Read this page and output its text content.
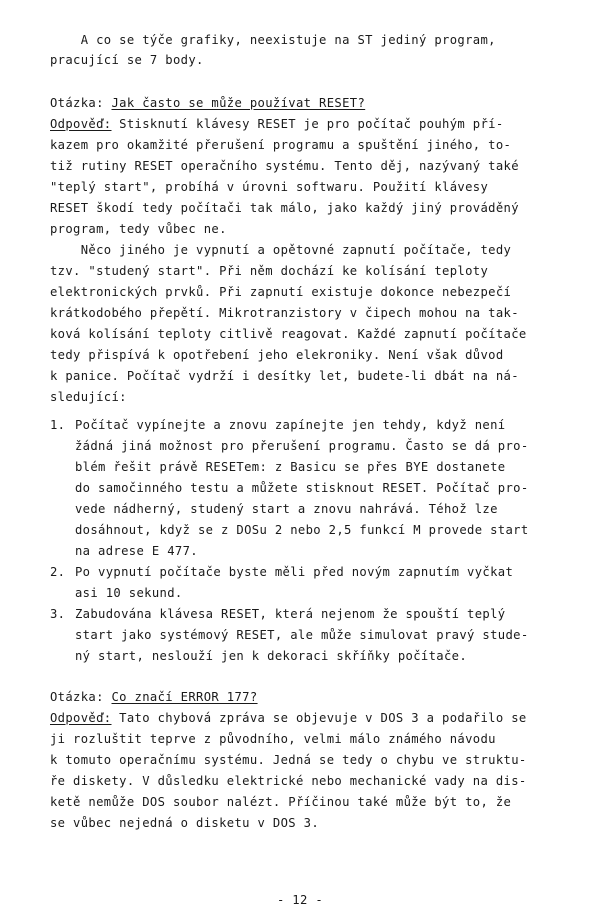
A co se týče grafiky, neexistuje na ST jediný program,
pracující se 7 body.
Otázka: Jak často se může používat RESET?
Odpověď: Stisknutí klávesy RESET je pro počítač pouhým pří-
kazem pro okamžité přerušení programu a spuštění jiného, to-
tiž rutiny RESET operačního systému. Tento děj, nazývaný také
"teplý start", probíhá v úrovni softwaru. Použití klávesy
RESET škodí tedy počítači tak málo, jako každý jiný prováděný
program, tedy vůbec ne.
Něco jiného je vypnutí a opětovné zapnutí počítače, tedy
tzv. "studený start". Při něm dochází ke kolísání teploty
elektronických prvků. Při zapnutí existuje dokonce nebezpečí
krátkodobého přepětí. Mikrotranzistory v čipech mohou na tak-
ková kolísání teploty citlivě reagovat. Každé zapnutí počítače
tedy přispívá k opotřebení jeho elekroniky. Není však důvod
k panice. Počítač vydrží i desítky let, budete-li dbát na ná-
sledující:
1. Počítač vypínejte a znovu zapínejte jen tehdy, když není
žádná jiná možnost pro přerušení programu. Často se dá pro-
blém řešit právě RESETem: z Basicu se přes BYE dostanete
do samočinného testu a můžete stisknout RESET. Počítač pro-
vede nádherný, studený start a znovu nahrává. Téhož lze
dosáhnout, když se z DOSu 2 nebo 2,5 funkcí M provede start
na adrese E 477.
2. Po vypnutí počítače byste měli před novým zapnutím vyčkat
asi 10 sekund.
3. Zabudována klávesa RESET, která nejenom že spouští teplý
start jako systémový RESET, ale může simulovat pravý stude-
ný start, neslouží jen k dekoraci skříňky počítače.
Otázka: Co značí ERROR 177?
Odpověď: Tato chybová zpráva se objevuje v DOS 3 a podařilo se
ji rozluštit teprve z původního, velmi málo známého návodu
k tomuto operačnímu systému. Jedná se tedy o chybu ve struktu-
ře diskety. V důsledku elektrické nebo mechanické vady na dis-
ketě nemůže DOS soubor nalézt. Příčinou také může být to, že
se vůbec nejedná o disketu v DOS 3.
- 12 -
